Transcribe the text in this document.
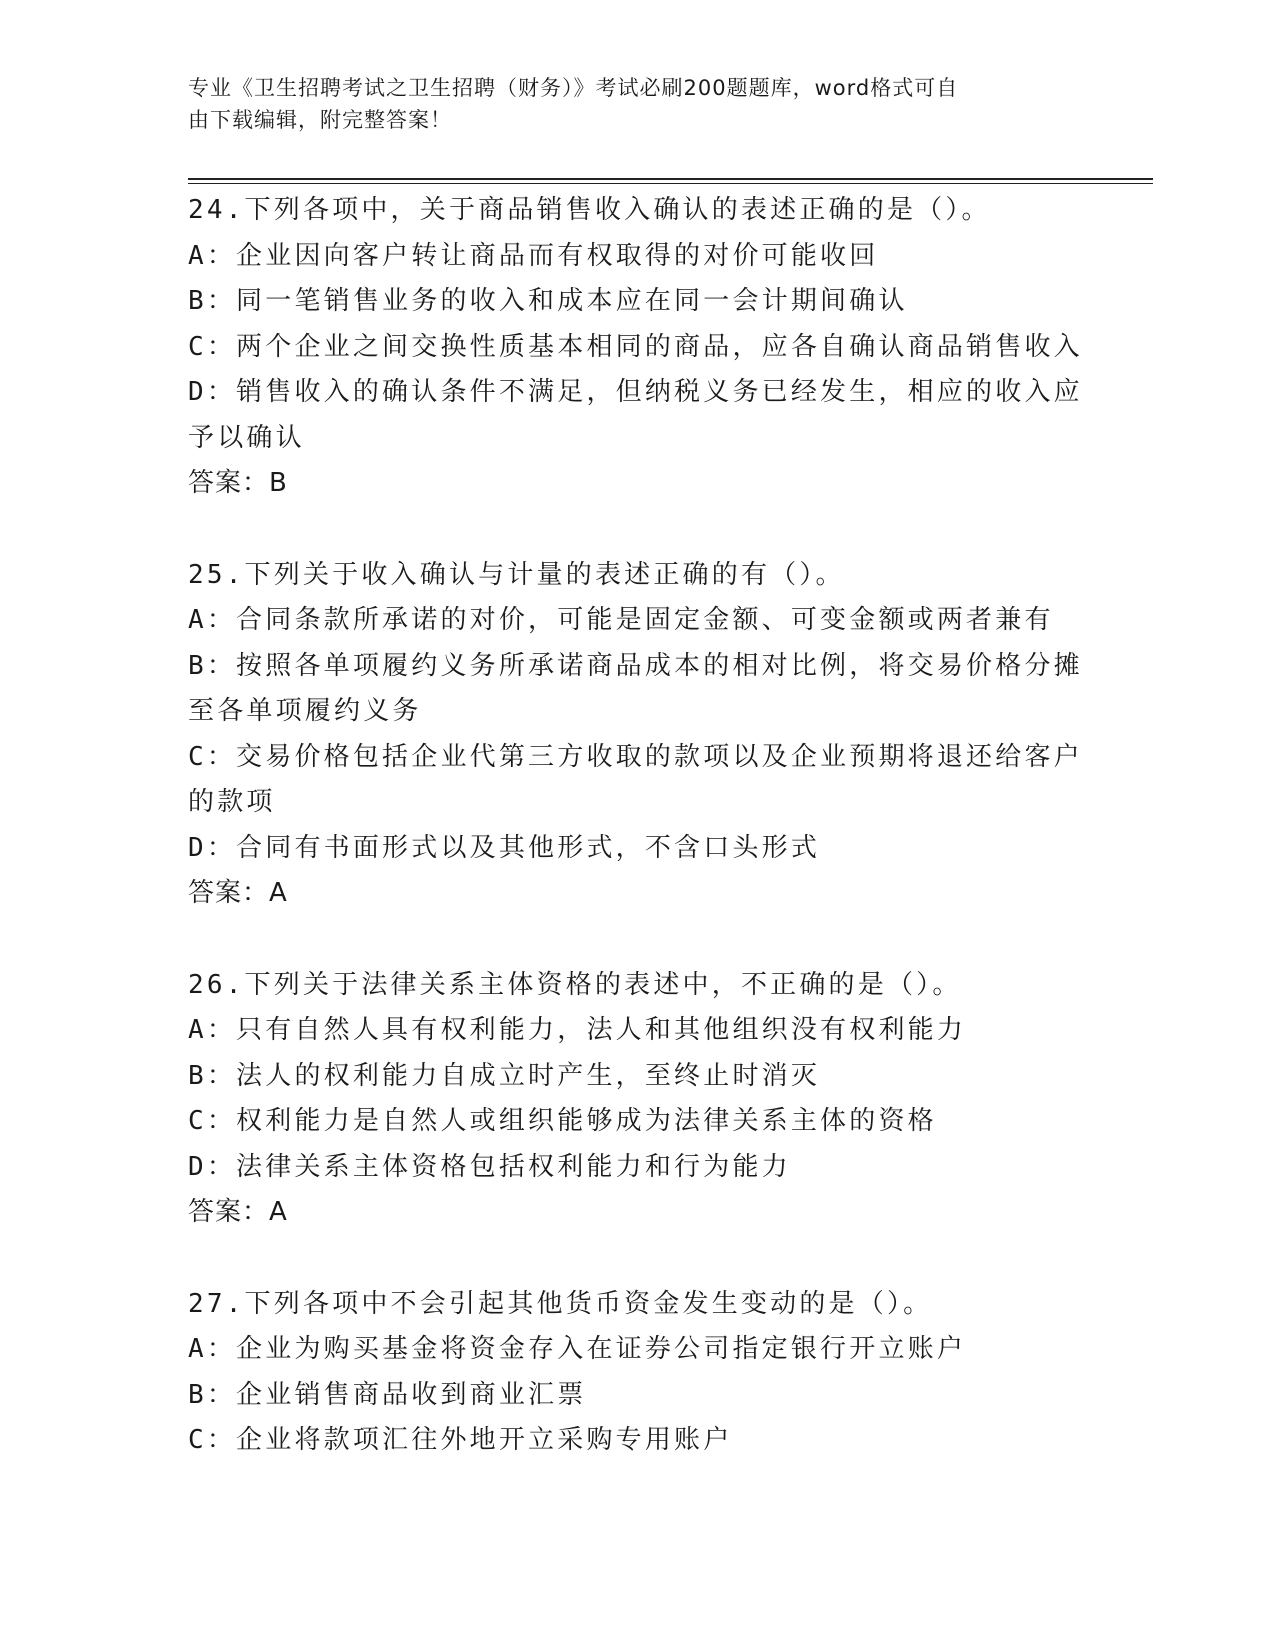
专业《卫生招聘考试之卫生招聘（财务）》考试必刷200题题库，word格式可自
由下载编辑，附完整答案！
24.下列各项中，关于商品销售收入确认的表述正确的是（）。
A：企业因向客户转让商品而有权取得的对价可能收回
B：同一笔销售业务的收入和成本应在同一会计期间确认
C：两个企业之间交换性质基本相同的商品，应各自确认商品销售收入
D：销售收入的确认条件不满足，但纳税义务已经发生，相应的收入应
予以确认
答案：B
25.下列关于收入确认与计量的表述正确的有（）。
A：合同条款所承诺的对价，可能是固定金额、可变金额或两者兼有
B：按照各单项履约义务所承诺商品成本的相对比例，将交易价格分摊
至各单项履约义务
C：交易价格包括企业代第三方收取的款项以及企业预期将退还给客户
的款项
D：合同有书面形式以及其他形式，不含口头形式
答案：A
26.下列关于法律关系主体资格的表述中，不正确的是（）。
A：只有自然人具有权利能力，法人和其他组织没有权利能力
B：法人的权利能力自成立时产生，至终止时消灭
C：权利能力是自然人或组织能够成为法律关系主体的资格
D：法律关系主体资格包括权利能力和行为能力
答案：A
27.下列各项中不会引起其他货币资金发生变动的是（）。
A：企业为购买基金将资金存入在证券公司指定银行开立账户
B：企业销售商品收到商业汇票
C：企业将款项汇往外地开立采购专用账户
